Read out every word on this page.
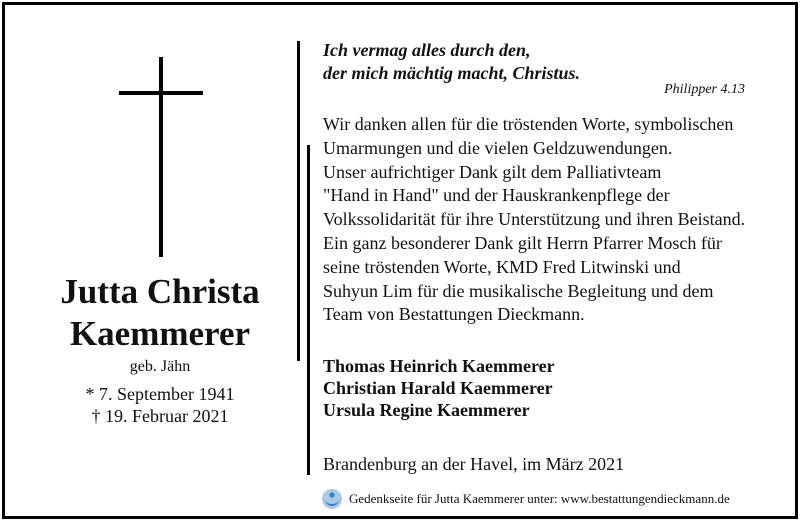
Jutta Christa
Kaemmerer
geb. Jähn
* 7. September 1941
† 19. Februar 2021
Ich vermag alles durch den,
der mich mächtig macht, Christus.
Philipper 4.13
Wir danken allen für die tröstenden Worte, symbolischen
Umarmungen und die vielen Geldzuwendungen.
Unser aufrichtiger Dank gilt dem Palliativteam
"Hand in Hand" und der Hauskrankenpflege der
Volkssolidarität für ihre Unterstützung und ihren Beistand.
Ein ganz besonderer Dank gilt Herrn Pfarrer Mosch für
seine tröstenden Worte, KMD Fred Litwinski und
Suhyun Lim für die musikalische Begleitung und dem
Team von Bestattungen Dieckmann.
Thomas Heinrich Kaemmerer
Christian Harald Kaemmerer
Ursula Regine Kaemmerer
Brandenburg an der Havel, im März 2021
Gedenkseite für Jutta Kaemmerer unter: www.bestattungendieckmann.de
